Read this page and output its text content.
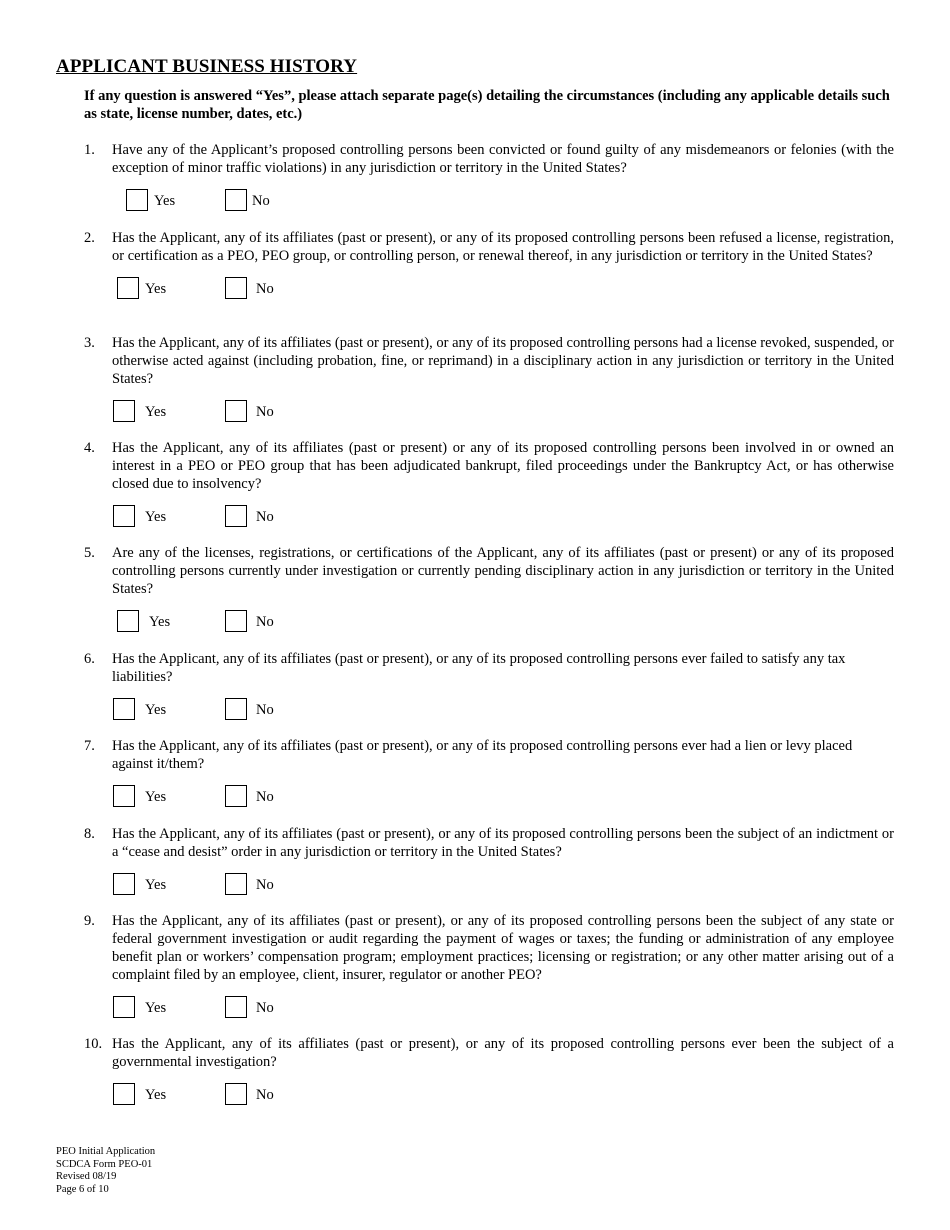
APPLICANT BUSINESS HISTORY
If any question is answered “Yes”, please attach separate page(s) detailing the circumstances (including any applicable details such as state, license number, dates, etc.)
1. Have any of the Applicant’s proposed controlling persons been convicted or found guilty of any misdemeanors or felonies (with the exception of minor traffic violations) in any jurisdiction or territory in the United States?
Yes	No
2. Has the Applicant, any of its affiliates (past or present), or any of its proposed controlling persons been refused a license, registration, or certification as a PEO, PEO group, or controlling person, or renewal thereof, in any jurisdiction or territory in the United States?
Yes	No
3. Has the Applicant, any of its affiliates (past or present), or any of its proposed controlling persons had a license revoked, suspended, or otherwise acted against (including probation, fine, or reprimand) in a disciplinary action in any jurisdiction or territory in the United States?
Yes	No
4. Has the Applicant, any of its affiliates (past or present) or any of its proposed controlling persons been involved in or owned an interest in a PEO or PEO group that has been adjudicated bankrupt, filed proceedings under the Bankruptcy Act, or has otherwise closed due to insolvency?
Yes	No
5. Are any of the licenses, registrations, or certifications of the Applicant, any of its affiliates (past or present) or any of its proposed controlling persons currently under investigation or currently pending disciplinary action in any jurisdiction or territory in the United States?
Yes	No
6. Has the Applicant, any of its affiliates (past or present), or any of its proposed controlling persons ever failed to satisfy any tax liabilities?
Yes	No
7. Has the Applicant, any of its affiliates (past or present), or any of its proposed controlling persons ever had a lien or levy placed against it/them?
Yes	No
8. Has the Applicant, any of its affiliates (past or present), or any of its proposed controlling persons been the subject of an indictment or a “cease and desist” order in any jurisdiction or territory in the United States?
Yes	No
9. Has the Applicant, any of its affiliates (past or present), or any of its proposed controlling persons been the subject of any state or federal government investigation or audit regarding the payment of wages or taxes; the funding or administration of any employee benefit plan or workers’ compensation program; employment practices; licensing or registration; or any other matter arising out of a complaint filed by an employee, client, insurer, regulator or another PEO?
Yes	No
10. Has the Applicant, any of its affiliates (past or present), or any of its proposed controlling persons ever been the subject of a governmental investigation?
Yes	No
PEO Initial Application
SCDCA Form PEO-01
Revised 08/19
Page 6 of 10
